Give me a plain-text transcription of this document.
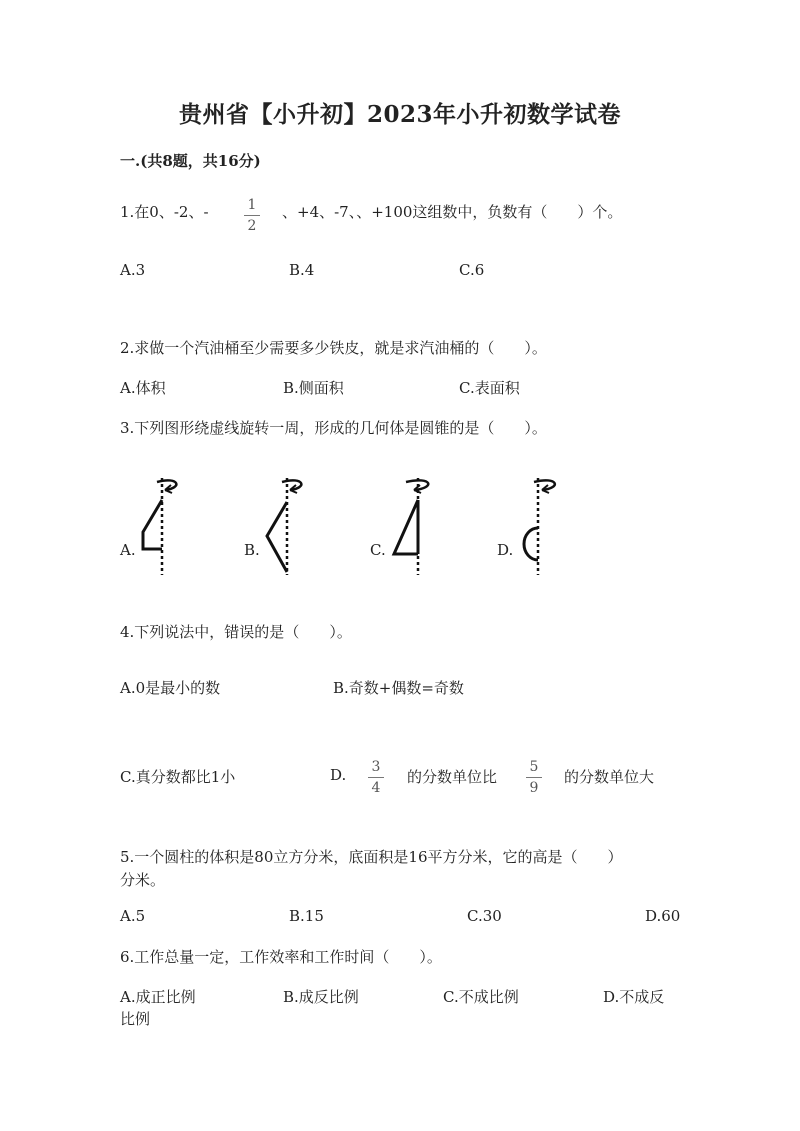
贵州省【小升初】2023年小升初数学试卷
一.(共8题，共16分)
1.在0、-2、-	1
2
、+4、-7、、+100这组数中，负数有（　　）个。
A.3	B.4	C.6
2.求做一个汽油桶至少需要多少铁皮，就是求汽油桶的（　　）。
A.体积	B.侧面积	C.表面积
3.下列图形绕虚线旋转一周，形成的几何体是圆锥的是（　　）。
A.	B.	C.	D.
4.下列说法中，错误的是（　　）。
A.0是最小的数	B.奇数+偶数=奇数
C.真分数都比1小	D. 3
4
的分数单位比
5
9
的分数单位大
5.一个圆柱的体积是80立方分米，底面积是16平方分米，它的高是（　　）
分米。
A.5	B.15	C.30	D.60
6.工作总量一定，工作效率和工作时间（　　）。
A.成正比例	B.成反比例	C.不成比例	D.不成反
比例
